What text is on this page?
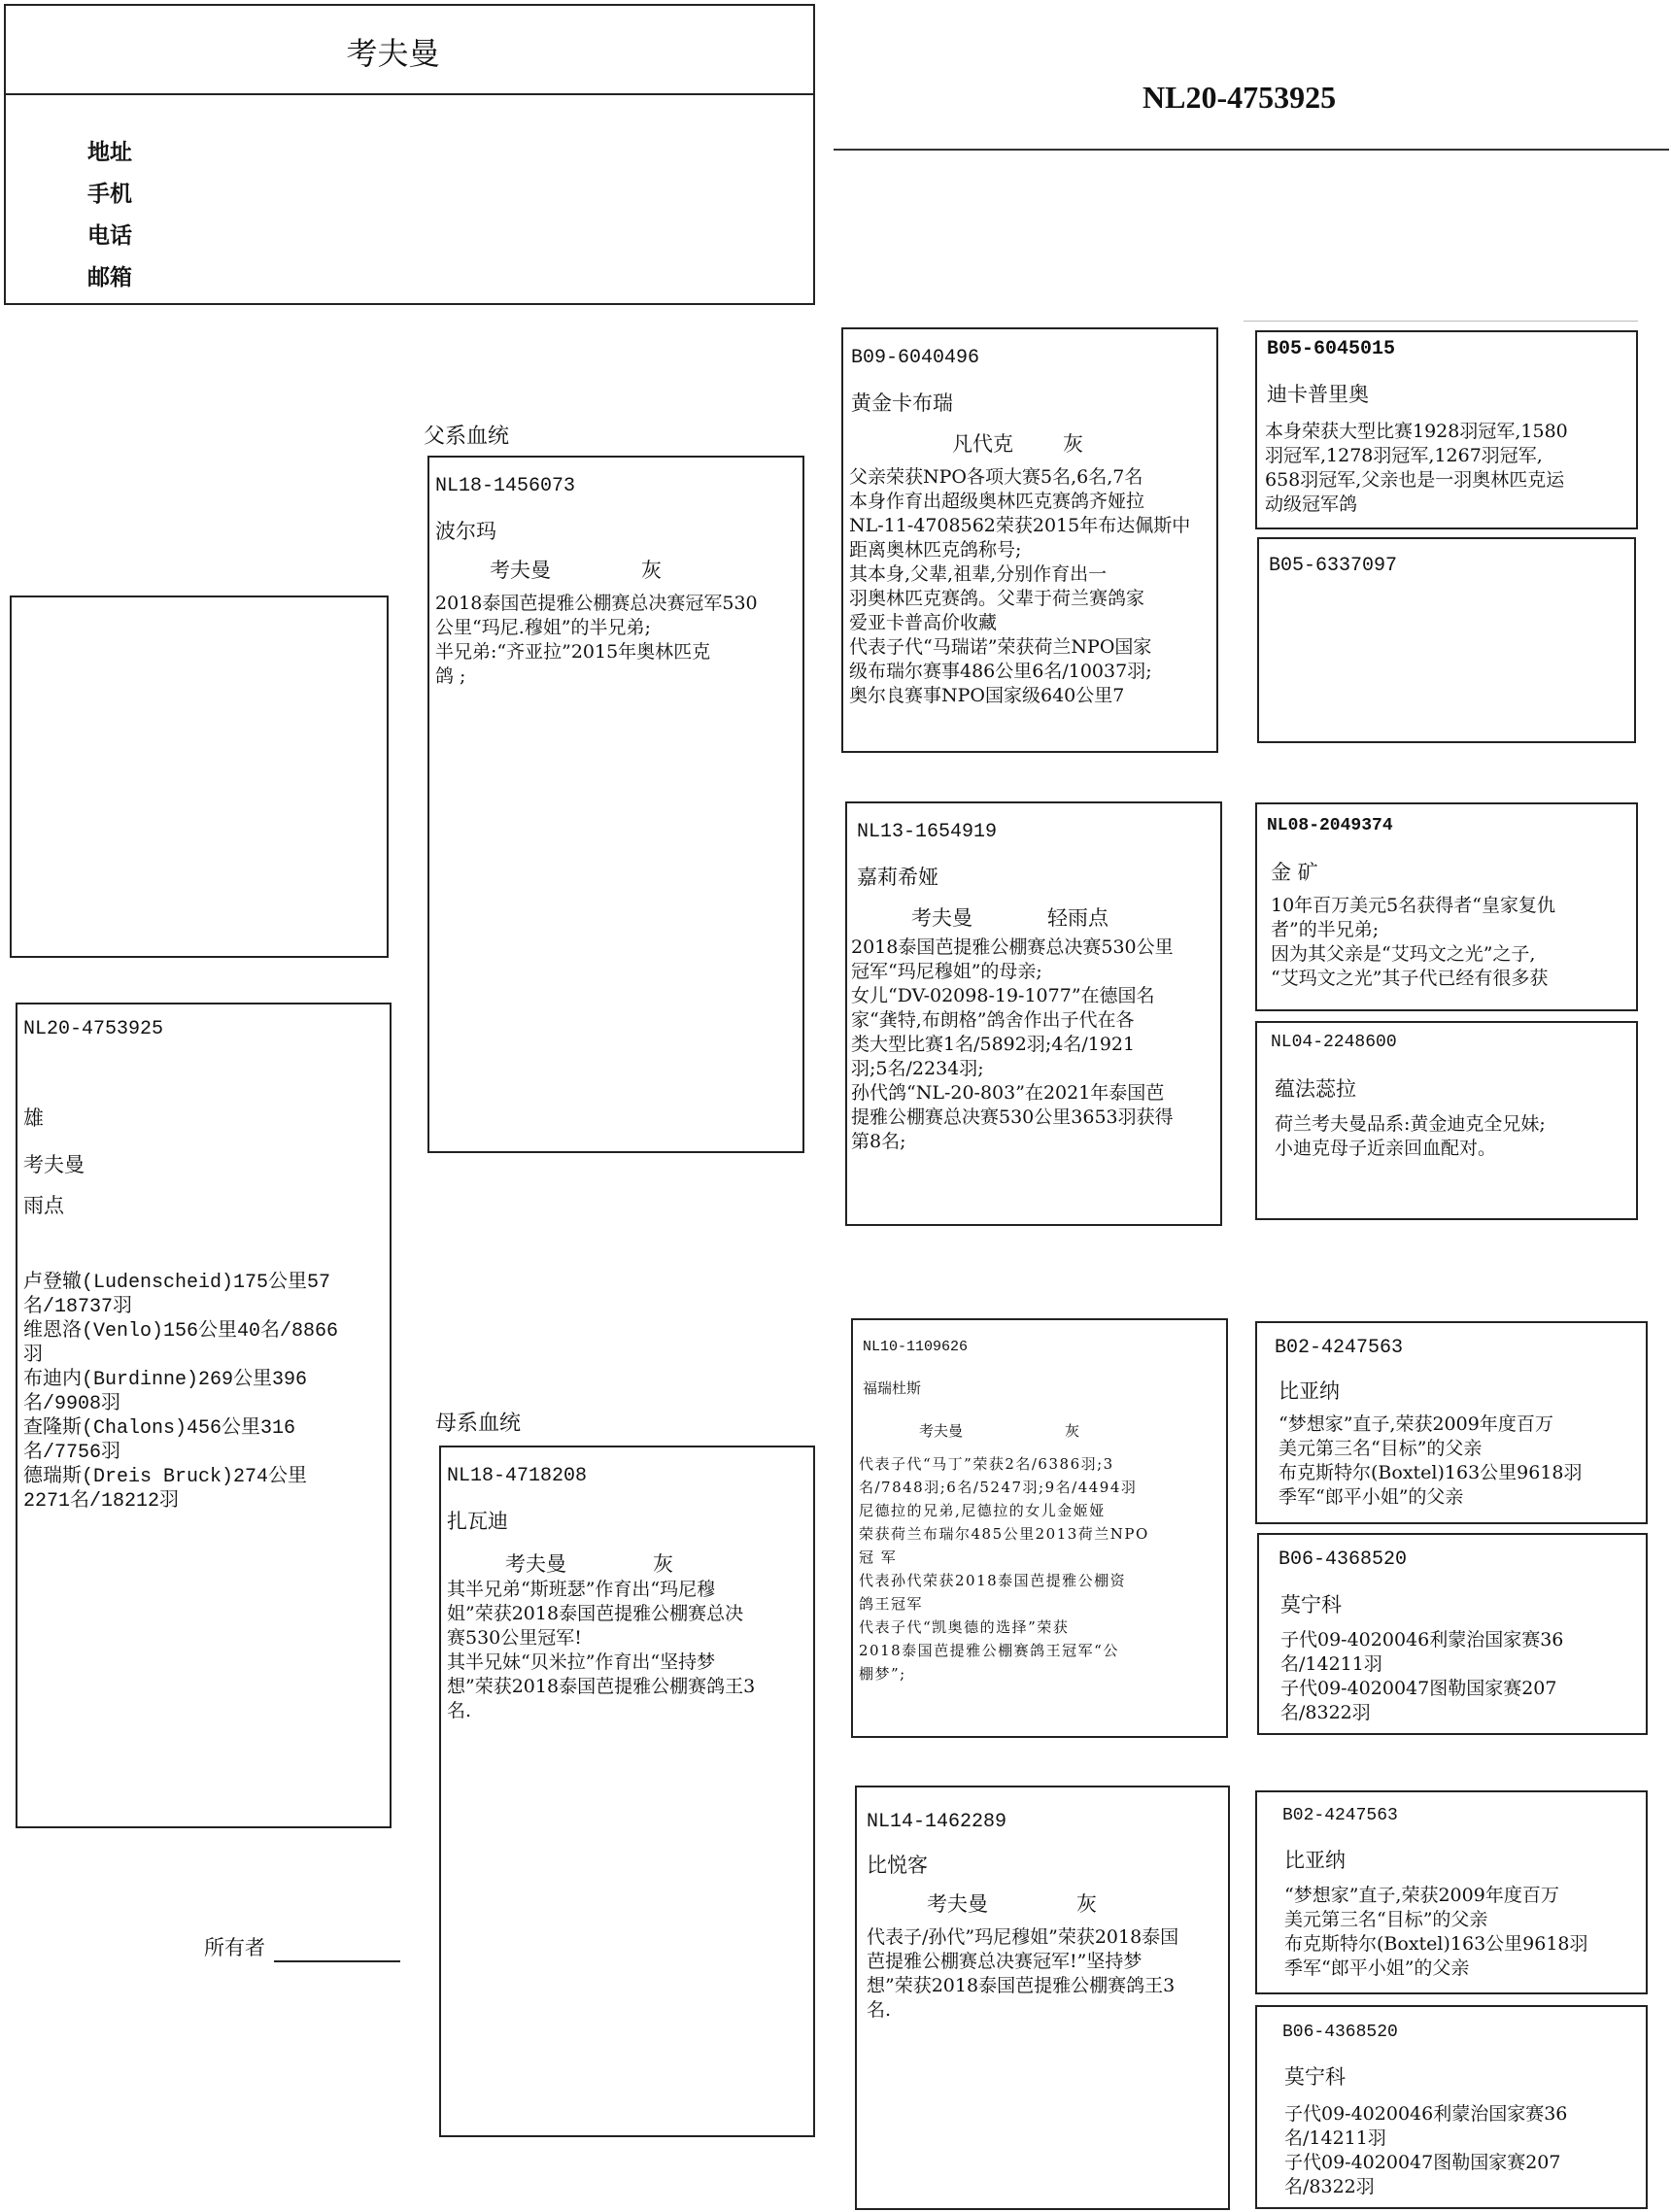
考夫曼
地址
手机
电话
邮箱
NL20-4753925
NL20-4753925
雄
考夫曼
雨点
卢登辙(Ludenscheid)175公里57
名/18737羽
维恩洛(Venlo)156公里40名/8866
羽
布迪内(Burdinne)269公里396
名/9908羽
查隆斯(Chalons)456公里316
名/7756羽
德瑞斯(Dreis Bruck)274公里
2271名/18212羽
所有者
父系血统
母系血统
NL18-1456073
波尔玛
考夫曼	灰
2018泰国芭提雅公棚赛总决赛冠军530
公里“玛尼.穆姐”的半兄弟;
半兄弟:“齐亚拉”2015年奥林匹克
鸽 ;
NL18-4718208
扎瓦迪
考夫曼	灰
其半兄弟“斯班瑟”作育出“玛尼穆
姐”荣获2018泰国芭提雅公棚赛总决
赛530公里冠军!
其半兄妹“贝米拉”作育出“坚持梦
想”荣获2018泰国芭提雅公棚赛鸽王3
名.
B09-6040496
黄金卡布瑞
凡代克 灰
父亲荣获NPO各项大赛5名,6名,7名
本身作育出超级奥林匹克赛鸽齐娅拉
NL-11-4708562荣获2015年布达佩斯中
距离奥林匹克鸽称号;
其本身,父辈,祖辈,分别作育出一
羽奥林匹克赛鸽。父辈于荷兰赛鸽家
爱亚卡普高价收藏
代表子代“马瑞诺”荣获荷兰NPO国家
级布瑞尔赛事486公里6名/10037羽;
奥尔良赛事NPO国家级640公里7
NL13-1654919
嘉莉希娅
考夫曼	轻雨点
2018泰国芭提雅公棚赛总决赛530公里
冠军“玛尼穆姐”的母亲;
女儿“DV-02098-19-1077”在德国名
家“龚特,布朗格”鸽舍作出子代在各
类大型比赛1名/5892羽;4名/1921
羽;5名/2234羽;
孙代鸽“NL-20-803”在2021年泰国芭
提雅公棚赛总决赛530公里3653羽获得
第8名;
NL10-1109626
福瑞杜斯
考夫曼	灰
代表子代“马丁”荣获2名/6386羽;3
名/7848羽;6名/5247羽;9名/4494羽
尼德拉的兄弟,尼德拉的女儿金姬娅
荣获荷兰布瑞尔485公里2013荷兰NPO
冠 军
代表孙代荣获2018泰国芭提雅公棚资
鸽王冠军
代表子代“凯奥德的选择”荣获
2018泰国芭提雅公棚赛鸽王冠军“公
棚梦”;
NL14-1462289
比悦客
考夫曼	灰
代表子/孙代”玛尼穆姐”荣获2018泰国
芭提雅公棚赛总决赛冠军!”坚持梦
想”荣获2018泰国芭提雅公棚赛鸽王3
名.
B05-6045015
迪卡普里奥
本身荣获大型比赛1928羽冠军,1580
羽冠军,1278羽冠军,1267羽冠军,
658羽冠军,父亲也是一羽奥林匹克运
动级冠军鸽
B05-6337097
NL08-2049374
金 矿
10年百万美元5名获得者“皇家复仇
者”的半兄弟;
因为其父亲是“艾玛文之光”之子,
“艾玛文之光”其子代已经有很多获
NL04-2248600
蕴法蕊拉
荷兰考夫曼品系:黄金迪克全兄妹;
小迪克母子近亲回血配对。
B02-4247563
比亚纳
“梦想家”直子,荣获2009年度百万
美元第三名“目标”的父亲
布克斯特尔(Boxtel)163公里9618羽
季军“郎平小姐”的父亲
B06-4368520
莫宁科
子代09-4020046利蒙治国家赛36
名/14211羽
子代09-4020047图勒国家赛207
名/8322羽
B02-4247563
比亚纳
“梦想家”直子,荣获2009年度百万
美元第三名“目标”的父亲
布克斯特尔(Boxtel)163公里9618羽
季军“郎平小姐”的父亲
B06-4368520
莫宁科
子代09-4020046利蒙治国家赛36
名/14211羽
子代09-4020047图勒国家赛207
名/8322羽
